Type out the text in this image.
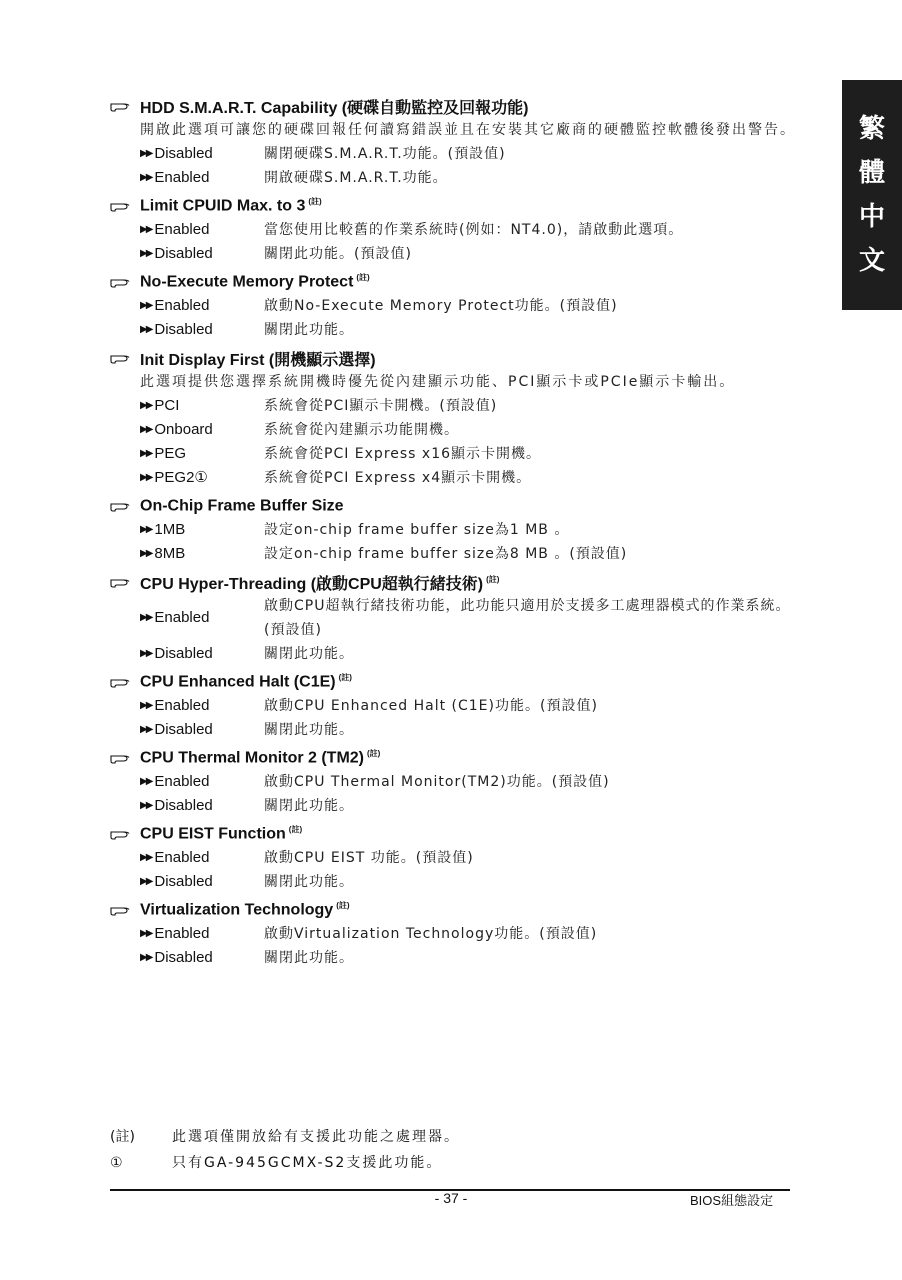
繁
體
中
文
HDD S.M.A.R.T. Capability (硬碟自動監控及回報功能)
開啟此選項可讓您的硬碟回報任何讀寫錯誤並且在安裝其它廠商的硬體監控軟體後發出警告。
▶▶ Disabled	關閉硬碟S.M.A.R.T.功能。(預設值)
▶▶ Enabled	開啟硬碟S.M.A.R.T.功能。
Limit CPUID Max. to 3 $^{(註)}$
▶▶ Enabled	當您使用比較舊的作業系統時(例如：NT4.0)，請啟動此選項。
▶▶ Disabled	關閉此功能。(預設值)
No-Execute Memory Protect $^{(註)}$
▶▶ Enabled	啟動No-Execute Memory Protect功能。(預設值)
▶▶ Disabled	關閉此功能。
Init Display First (開機顯示選擇)
此選項提供您選擇系統開機時優先從內建顯示功能、PCI顯示卡或PCIe顯示卡輸出。
▶▶ PCI	系統會從PCI顯示卡開機。(預設值)
▶▶ Onboard	系統會從內建顯示功能開機。
▶▶ PEG	系統會從PCI Express x16顯示卡開機。
▶▶ PEG2①	系統會從PCI Express x4顯示卡開機。
On-Chip Frame Buffer Size
▶▶ 1MB	設定on-chip frame buffer size為1 MB 。
▶▶ 8MB	設定on-chip frame buffer size為8 MB 。(預設值)
CPU Hyper-Threading (啟動CPU超執行緒技術) $^{(註)}$
▶▶ Enabled
啟動CPU超執行緒技術功能，此功能只適用於支援多工處理器模式的作業系統。(預設值)
▶▶ Disabled	關閉此功能。
CPU Enhanced Halt (C1E) $^{(註)}$
▶▶ Enabled	啟動CPU Enhanced Halt (C1E)功能。(預設值)
▶▶ Disabled	關閉此功能。
CPU Thermal Monitor 2 (TM2) $^{(註)}$
▶▶ Enabled	啟動CPU Thermal Monitor(TM2)功能。(預設值)
▶▶ Disabled	關閉此功能。
CPU EIST Function $^{(註)}$
▶▶ Enabled	啟動CPU EIST 功能。(預設值)
▶▶ Disabled	關閉此功能。
Virtualization Technology $^{(註)}$
▶▶ Enabled	啟動Virtualization Technology功能。(預設值)
▶▶ Disabled	關閉此功能。
(註)	此選項僅開放給有支援此功能之處理器。
①	只有GA-945GCMX-S2支援此功能。
- 37 -	BIOS組態設定
